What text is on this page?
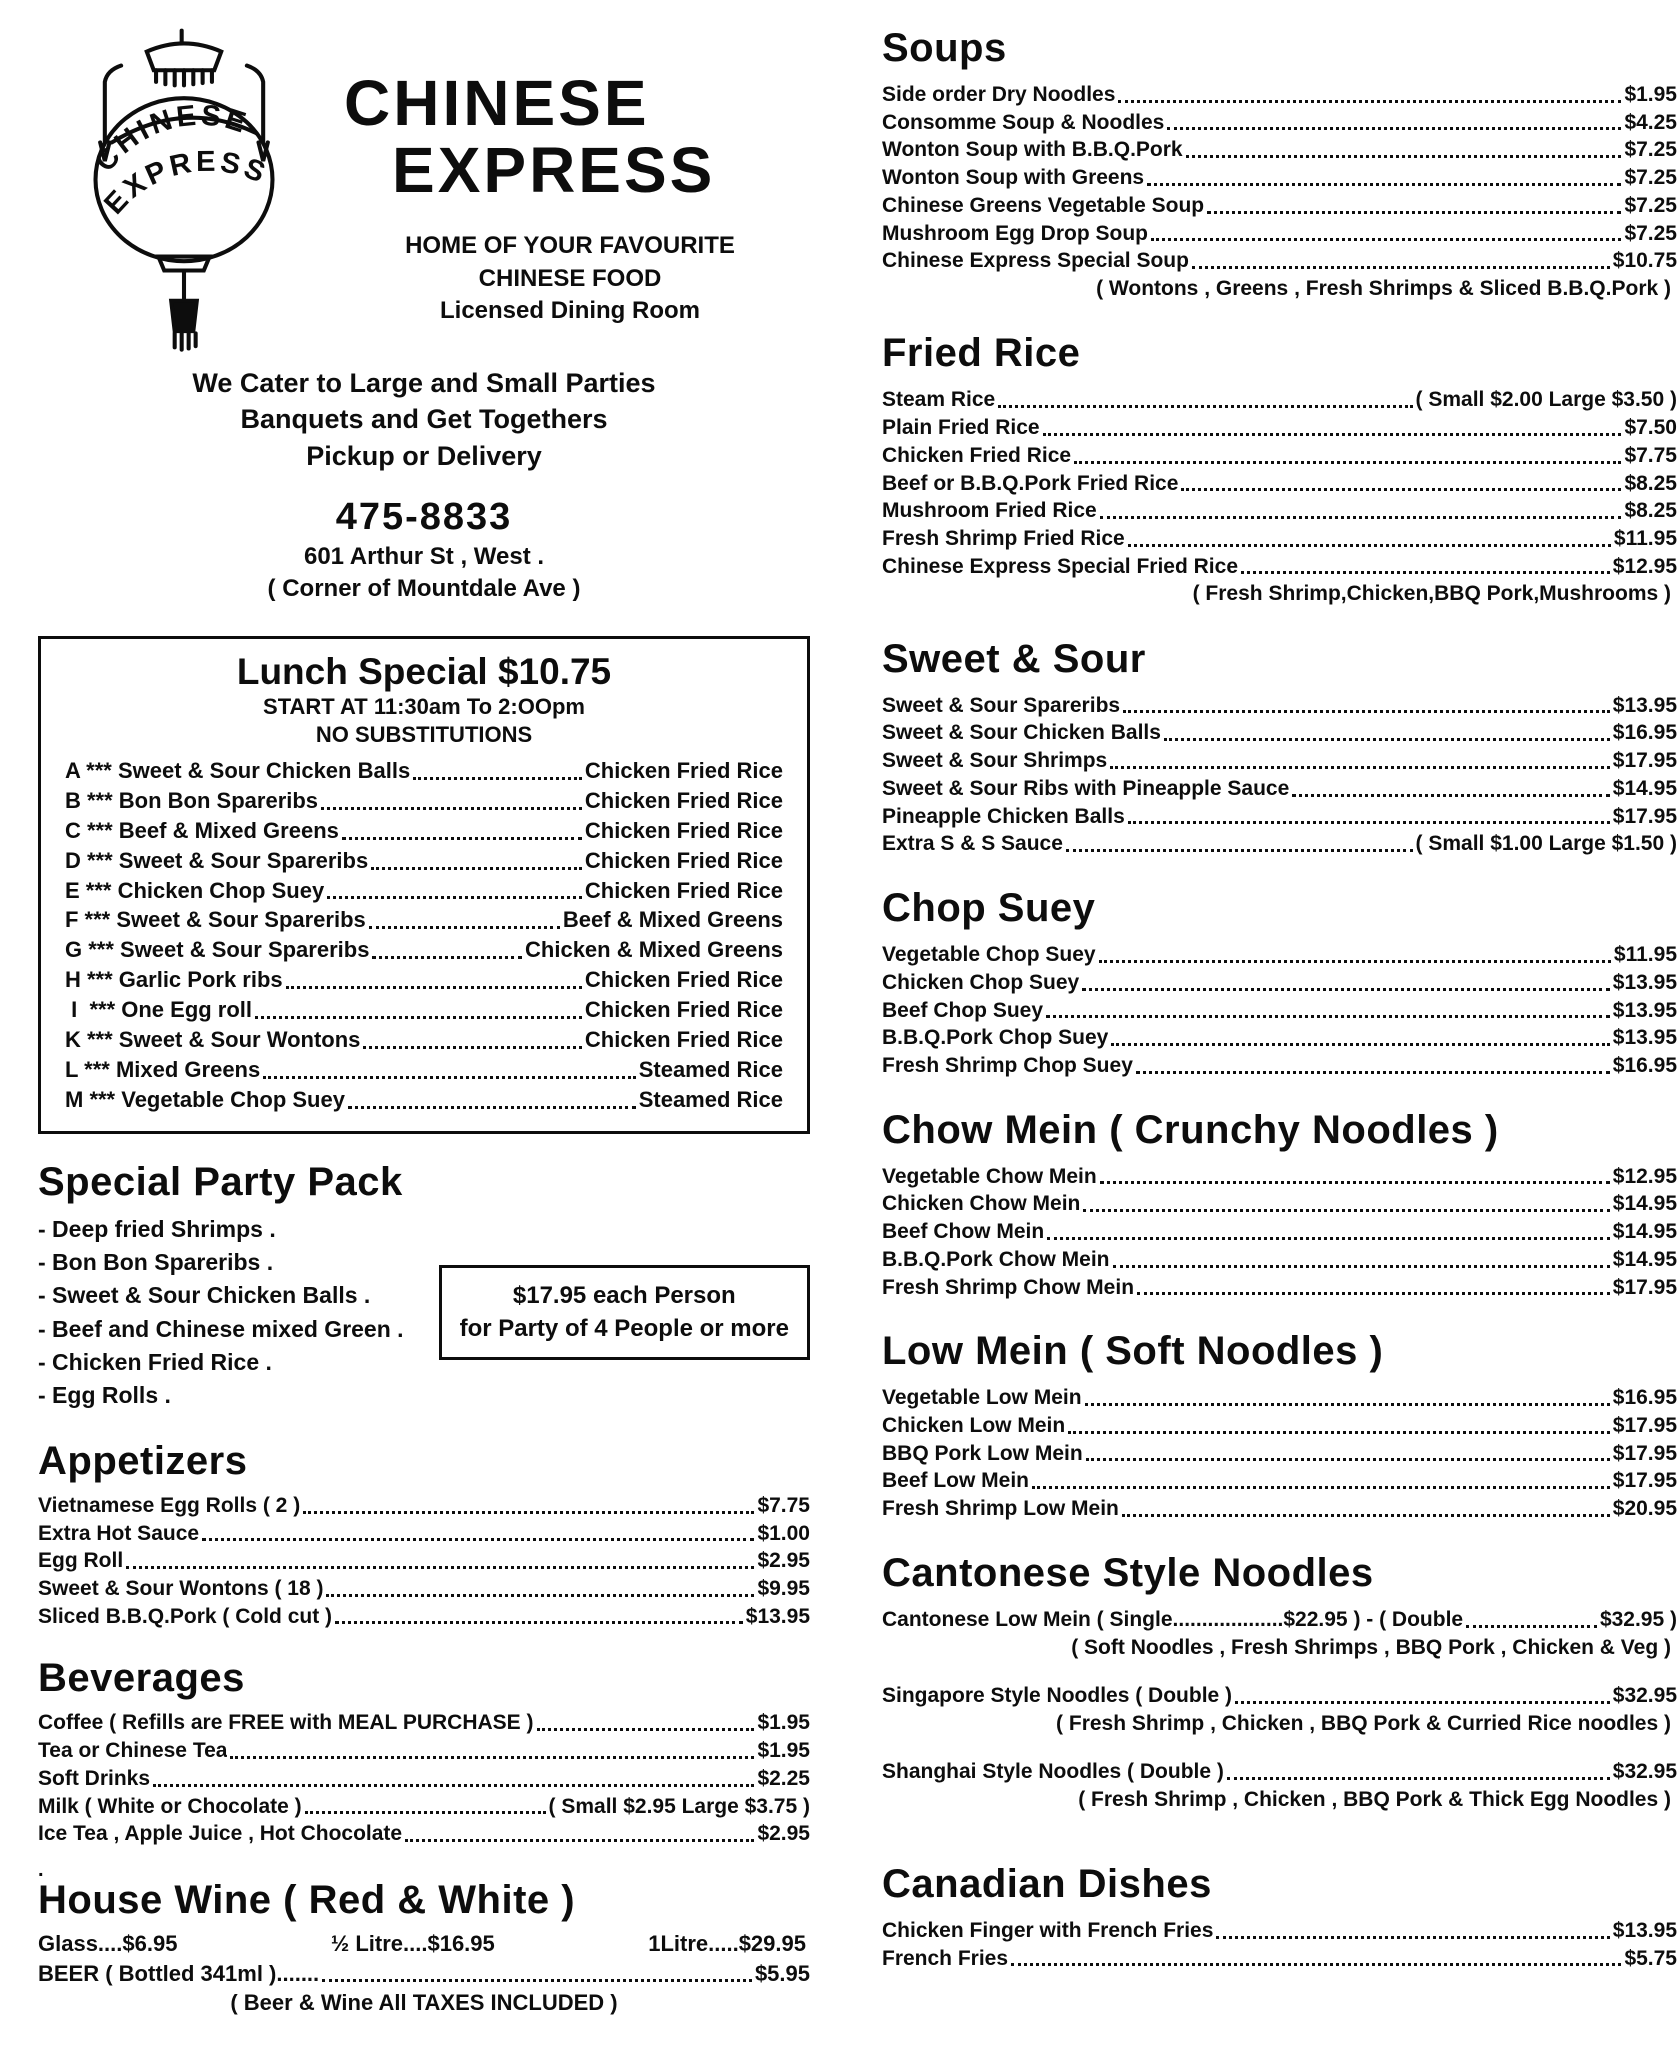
CHINESE
EXPRESS
CHINESE
EXPRESS
HOME OF YOUR FAVOURITE
CHINESE FOOD
Licensed Dining Room
We Cater to Large and Small Parties
Banquets and Get Togethers
Pickup or Delivery
475-8833
601 Arthur St , West .
( Corner of Mountdale Ave )
Lunch Special $10.75
START AT 11:30am To 2:OOpm
NO SUBSTITUTIONS
A *** Sweet & Sour Chicken Balls	Chicken Fried Rice
B *** Bon Bon Spareribs	Chicken Fried Rice
C *** Beef & Mixed Greens	Chicken Fried Rice
D *** Sweet & Sour Spareribs	Chicken Fried Rice
E *** Chicken Chop Suey	Chicken Fried Rice
F *** Sweet & Sour Spareribs	Beef & Mixed Greens
G *** Sweet & Sour Spareribs	Chicken & Mixed Greens
H *** Garlic Pork ribs	Chicken Fried Rice
I  *** One Egg roll	Chicken Fried Rice
K *** Sweet & Sour Wontons	Chicken Fried Rice
L *** Mixed Greens	Steamed Rice
M *** Vegetable Chop Suey	Steamed Rice
Special Party Pack
- Deep fried Shrimps .
- Bon Bon Spareribs .
- Sweet & Sour Chicken Balls .
- Beef and Chinese mixed Green .
- Chicken Fried Rice .
- Egg Rolls .
$17.95 each Person
for Party of 4 People or more
Appetizers
Vietnamese Egg Rolls ( 2 )	$7.75
Extra Hot Sauce	$1.00
Egg Roll	$2.95
Sweet & Sour Wontons ( 18 )	$9.95
Sliced B.B.Q.Pork ( Cold cut )	$13.95
Beverages
Coffee ( Refills are FREE with MEAL PURCHASE )	$1.95
Tea or Chinese Tea	$1.95
Soft Drinks	$2.25
Milk ( White or Chocolate )	( Small $2.95 Large $3.75 )
Ice Tea , Apple Juice , Hot Chocolate	$2.95
.
House Wine ( Red & White )
Glass....$6.95	½ Litre....$16.95	1Litre.....$29.95
BEER ( Bottled 341ml ).......	$5.95
( Beer & Wine All TAXES INCLUDED )
Soups
Side order Dry Noodles	$1.95
Consomme Soup & Noodles	$4.25
Wonton Soup with B.B.Q.Pork	$7.25
Wonton Soup with Greens	$7.25
Chinese Greens Vegetable Soup	$7.25
Mushroom Egg Drop Soup	$7.25
Chinese Express Special Soup	$10.75
( Wontons , Greens , Fresh Shrimps & Sliced B.B.Q.Pork )
Fried Rice
Steam Rice	( Small $2.00 Large $3.50 )
Plain Fried Rice	$7.50
Chicken Fried Rice	$7.75
Beef or B.B.Q.Pork Fried Rice	$8.25
Mushroom Fried Rice	$8.25
Fresh Shrimp Fried Rice	$11.95
Chinese Express Special Fried Rice	$12.95
( Fresh Shrimp,Chicken,BBQ Pork,Mushrooms )
Sweet & Sour
Sweet & Sour Spareribs	$13.95
Sweet & Sour Chicken Balls	$16.95
Sweet & Sour Shrimps	$17.95
Sweet & Sour Ribs with Pineapple Sauce	$14.95
Pineapple Chicken Balls	$17.95
Extra S & S Sauce	( Small $1.00 Large $1.50 )
Chop Suey
Vegetable Chop Suey	$11.95
Chicken Chop Suey	$13.95
Beef Chop Suey	$13.95
B.B.Q.Pork Chop Suey	$13.95
Fresh Shrimp Chop Suey	$16.95
Chow Mein ( Crunchy Noodles )
Vegetable Chow Mein	$12.95
Chicken Chow Mein	$14.95
Beef Chow Mein	$14.95
B.B.Q.Pork Chow Mein	$14.95
Fresh Shrimp Chow Mein	$17.95
Low Mein ( Soft Noodles )
Vegetable Low Mein	$16.95
Chicken Low Mein	$17.95
BBQ Pork Low Mein	$17.95
Beef Low Mein	$17.95
Fresh Shrimp Low Mein	$20.95
Cantonese Style Noodles
Cantonese Low Mein ( Single...................$22.95 ) - ( Double	$32.95 )
( Soft Noodles , Fresh Shrimps , BBQ Pork , Chicken & Veg )
Singapore Style Noodles ( Double )	$32.95
( Fresh Shrimp , Chicken , BBQ Pork & Curried Rice noodles )
Shanghai Style Noodles ( Double )	$32.95
( Fresh Shrimp , Chicken , BBQ Pork & Thick Egg Noodles )
Canadian Dishes
Chicken Finger with French Fries	$13.95
French Fries	$5.75
